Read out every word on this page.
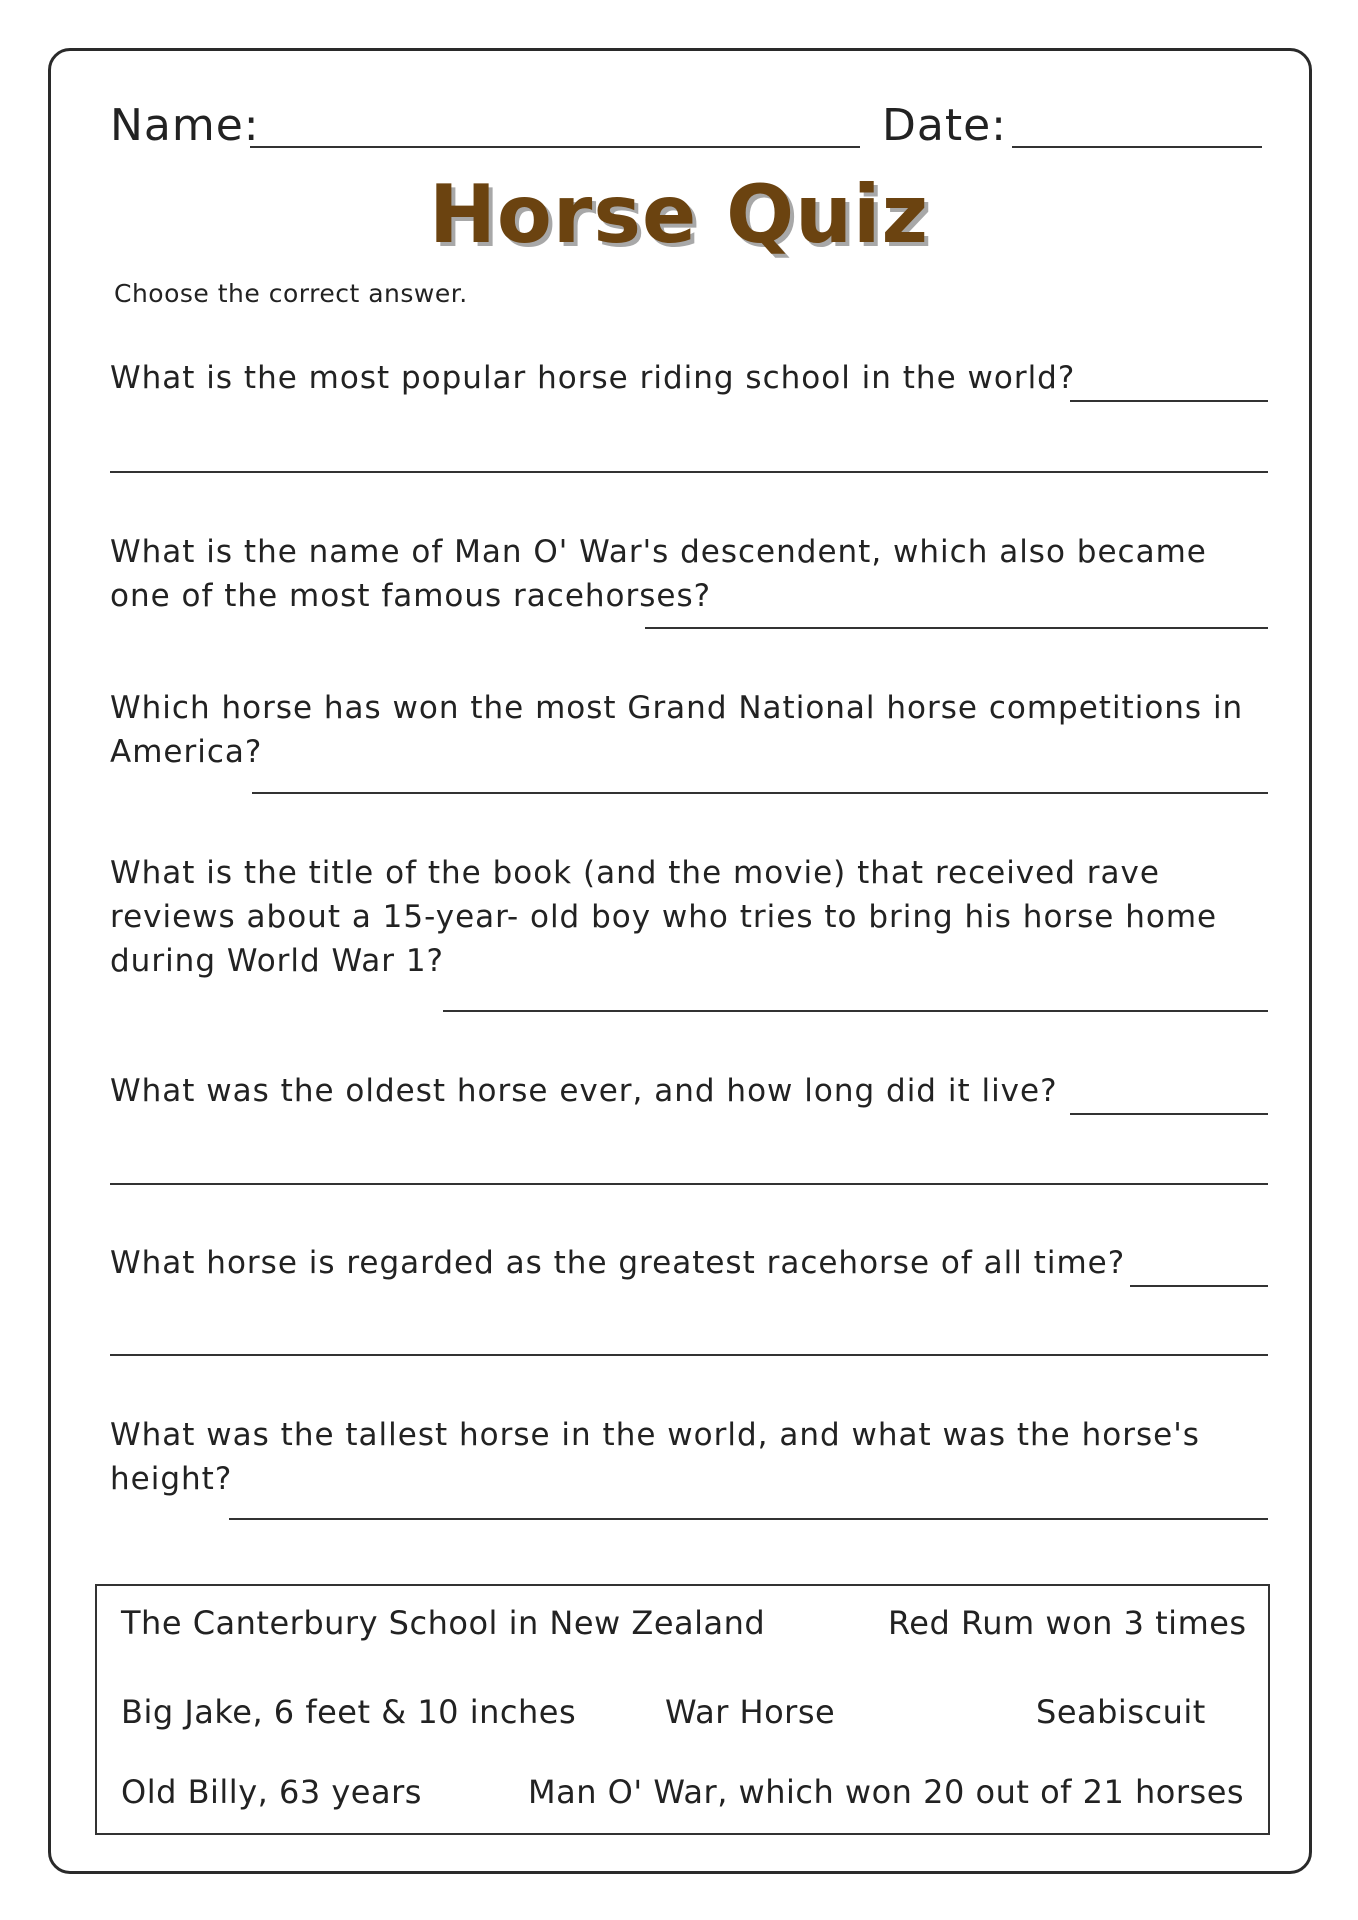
Name:	Date:
Horse Quiz
Choose the correct answer.
What is the most popular horse riding school in the world?
What is the name of Man O' War's descendent, which also became one of the most famous racehorses?
Which horse has won the most Grand National horse competitions in America?
What is the title of the book (and the movie) that received rave reviews about a 15-year- old boy who tries to bring his horse home during World War 1?
What was the oldest horse ever, and how long did it live?
What horse is regarded as the greatest racehorse of all time?
What was the tallest horse in the world, and what was the horse's height?
The Canterbury School in New Zealand	Red Rum won 3 times
Big Jake, 6 feet & 10 inches	War Horse	Seabiscuit
Old Billy, 63 years	Man O' War, which won 20 out of 21 horses
